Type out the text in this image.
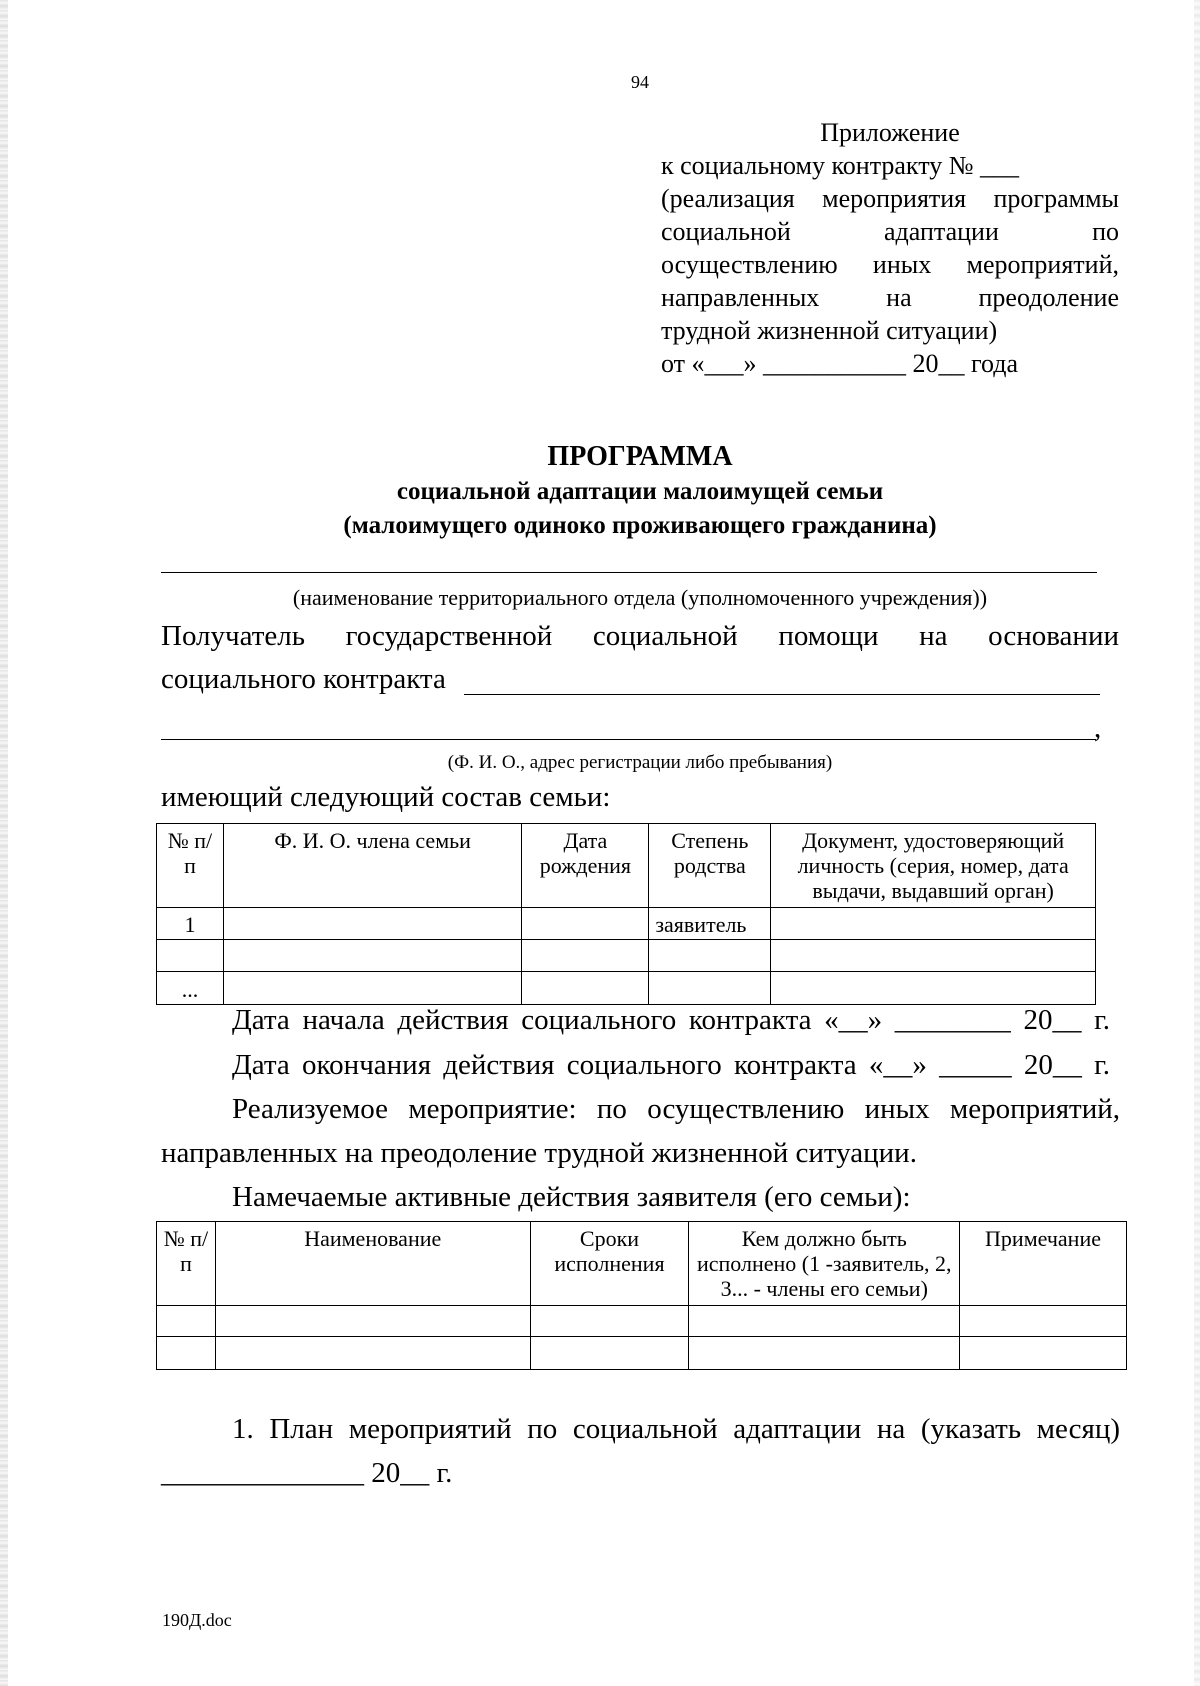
94
Приложение
к социальному контракту № ___
(реализация мероприятия программы
социальной адаптации по
осуществлению иных мероприятий,
направленных на преодоление
трудной жизненной ситуации)
от «___» ___________ 20__ года
ПРОГРАММА
социальной адаптации малоимущей семьи
(малоимущего одиноко проживающего гражданина)
(наименование территориального отдела (уполномоченного учреждения))
Получатель государственной социальной помощи на основании
социального контракта
,
(Ф. И. О., адрес регистрации либо пребывания)
имеющий следующий состав семьи:
№ п/п	Ф. И. О. члена семьи	Дата рождения	Степень родства	Документ, удостоверяющий личность (серия, номер, дата выдачи, выдавший орган)
1			заявитель	

...				
Дата начала действия социального контракта «__» ________ 20__ г.
Дата окончания действия социального контракта «__» _____ 20__ г.
Реализуемое мероприятие: по осуществлению иных мероприятий,
направленных на преодоление трудной жизненной ситуации.
Намечаемые активные действия заявителя (его семьи):
№ п/п	Наименование	Сроки исполнения	Кем должно быть исполнено (1 -заявитель, 2, 3... - члены его семьи)	Примечание

1. План мероприятий по социальной адаптации на (указать месяц)
______________ 20__ г.
190Д.doc
